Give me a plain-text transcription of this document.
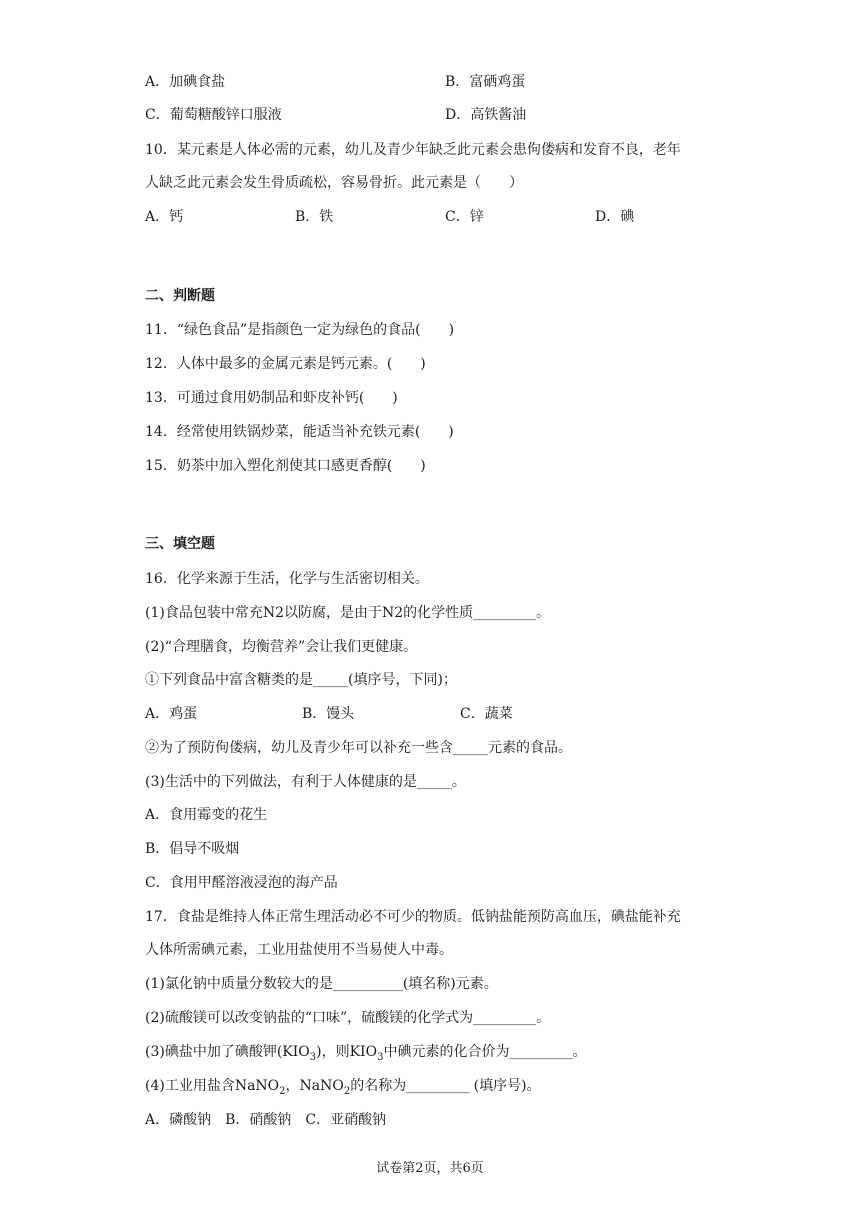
A．加碘食盐	B．富硒鸡蛋
C．葡萄糖酸锌口服液	D．高铁酱油
10．某元素是人体必需的元素，幼儿及青少年缺乏此元素会患佝偻病和发育不良，老年
人缺乏此元素会发生骨质疏松，容易骨折。此元素是（　　）
A．钙	B．铁	C．锌	D．碘
二、判断题
11．“绿色食品”是指颜色一定为绿色的食品(　　)
12．人体中最多的金属元素是钙元素。(　　)
13．可通过食用奶制品和虾皮补钙(　　)
14．经常使用铁锅炒菜，能适当补充铁元素(　　)
15．奶茶中加入塑化剂使其口感更香醇(　　)
三、填空题
16．化学来源于生活，化学与生活密切相关。
(1)食品包装中常充N2以防腐，是由于N2的化学性质_________。
(2)“合理膳食，均衡营养”会让我们更健康。
①下列食品中富含糖类的是_____(填序号，下同)；
A．鸡蛋	B．馒头	C．蔬菜
②为了预防佝偻病，幼儿及青少年可以补充一些含_____元素的食品。
(3)生活中的下列做法，有利于人体健康的是_____。
A．食用霉变的花生
B．倡导不吸烟
C．食用甲醛溶液浸泡的海产品
17．食盐是维持人体正常生理活动必不可少的物质。低钠盐能预防高血压，碘盐能补充
人体所需碘元素，工业用盐使用不当易使人中毒。
(1)氯化钠中质量分数较大的是__________(填名称)元素。
(2)硫酸镁可以改变钠盐的“口味”，硫酸镁的化学式为_________。
(3)碘盐中加了碘酸钾$(KIO_3)$，则$KIO_3$中碘元素的化合价为_________。
(4)工业用盐含NaNO$_2$，NaNO$_2$的名称为_________ (填序号)。
A．磷酸钠　B．硝酸钠　C．亚硝酸钠
试卷第2页，共6页
